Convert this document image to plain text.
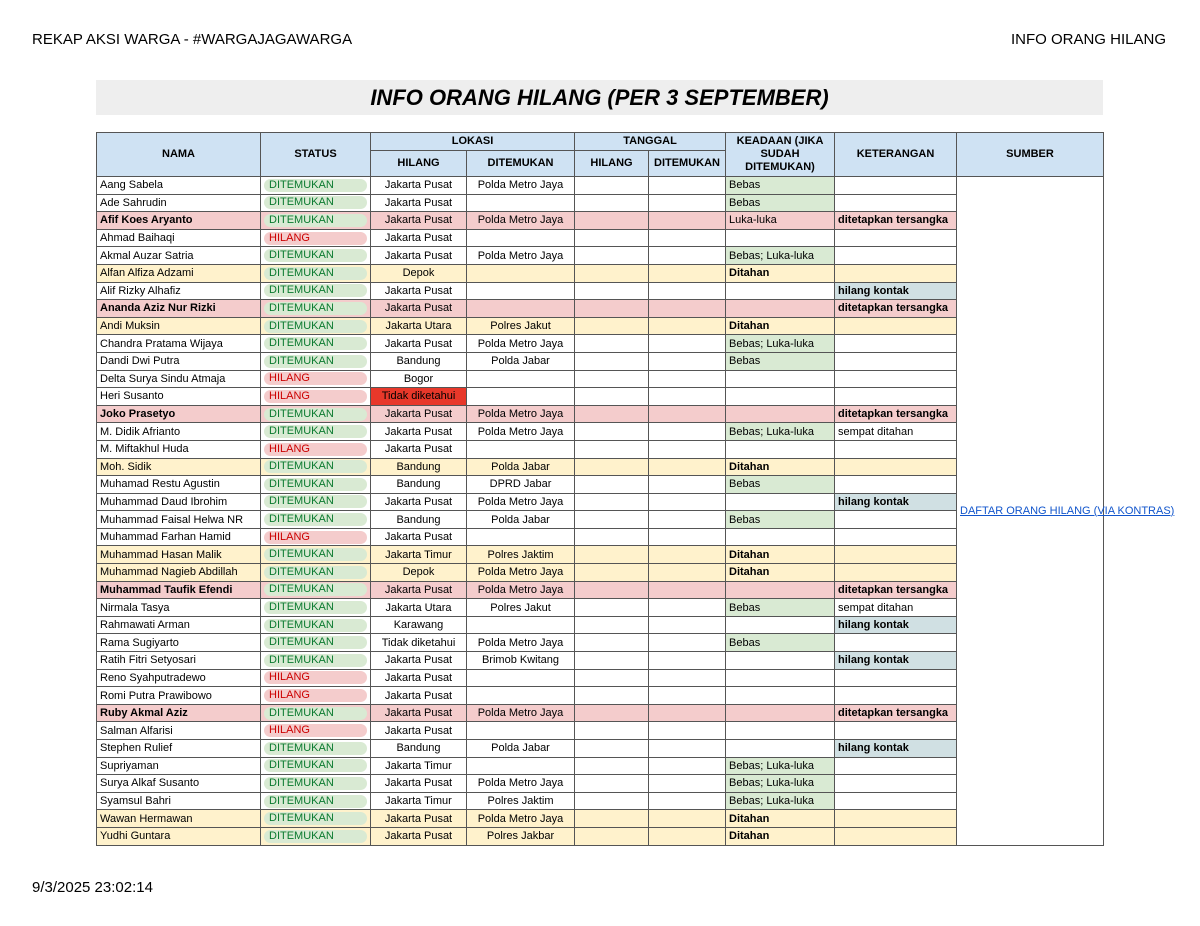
REKAP AKSI WARGA - #WARGAJAGAWARGA	INFO ORANG HILANG
INFO ORANG HILANG (PER 3 SEPTEMBER)
NAMA	STATUS	LOKASI		TANGGAL		KEADAAN (JIKA SUDAH DITEMUKAN)	KETERANGAN	SUMBER
		HILANG	DITEMUKAN	HILANG	DITEMUKAN			
Aang Sabela	DITEMUKAN	Jakarta Pusat	Polda Metro Jaya			Bebas		DAFTAR ORANG HILANG (VIA KONTRAS)
Ade Sahrudin	DITEMUKAN	Jakarta Pusat				Bebas		
Afif Koes Aryanto	DITEMUKAN	Jakarta Pusat	Polda Metro Jaya			Luka-luka	ditetapkan tersangka	
Ahmad Baihaqi	HILANG	Jakarta Pusat						
Akmal Auzar Satria	DITEMUKAN	Jakarta Pusat	Polda Metro Jaya			Bebas; Luka-luka		
Alfan Alfiza Adzami	DITEMUKAN	Depok				Ditahan		
Alif Rizky Alhafiz	DITEMUKAN	Jakarta Pusat					hilang kontak	
Ananda Aziz Nur Rizki	DITEMUKAN	Jakarta Pusat					ditetapkan tersangka	
Andi Muksin	DITEMUKAN	Jakarta Utara	Polres Jakut			Ditahan		
Chandra Pratama Wijaya	DITEMUKAN	Jakarta Pusat	Polda Metro Jaya			Bebas; Luka-luka		
Dandi Dwi Putra	DITEMUKAN	Bandung	Polda Jabar			Bebas		
Delta Surya Sindu Atmaja	HILANG	Bogor						
Heri Susanto	HILANG	Tidak diketahui						
Joko Prasetyo	DITEMUKAN	Jakarta Pusat	Polda Metro Jaya				ditetapkan tersangka	
M. Didik Afrianto	DITEMUKAN	Jakarta Pusat	Polda Metro Jaya			Bebas; Luka-luka	sempat ditahan	
M. Miftakhul Huda	HILANG	Jakarta Pusat						
Moh. Sidik	DITEMUKAN	Bandung	Polda Jabar			Ditahan		
Muhamad Restu Agustin	DITEMUKAN	Bandung	DPRD Jabar			Bebas		
Muhammad Daud Ibrohim	DITEMUKAN	Jakarta Pusat	Polda Metro Jaya				hilang kontak	
Muhammad Faisal Helwa NR	DITEMUKAN	Bandung	Polda Jabar			Bebas		
Muhammad Farhan Hamid	HILANG	Jakarta Pusat						
Muhammad Hasan Malik	DITEMUKAN	Jakarta Timur	Polres Jaktim			Ditahan		
Muhammad Nagieb Abdillah	DITEMUKAN	Depok	Polda Metro Jaya			Ditahan		
Muhammad Taufik Efendi	DITEMUKAN	Jakarta Pusat	Polda Metro Jaya				ditetapkan tersangka	
Nirmala Tasya	DITEMUKAN	Jakarta Utara	Polres Jakut			Bebas	sempat ditahan	
Rahmawati Arman	DITEMUKAN	Karawang					hilang kontak	
Rama Sugiyarto	DITEMUKAN	Tidak diketahui	Polda Metro Jaya			Bebas		
Ratih Fitri Setyosari	DITEMUKAN	Jakarta Pusat	Brimob Kwitang				hilang kontak	
Reno Syahputradewo	HILANG	Jakarta Pusat						
Romi Putra Prawibowo	HILANG	Jakarta Pusat						
Ruby Akmal Aziz	DITEMUKAN	Jakarta Pusat	Polda Metro Jaya				ditetapkan tersangka	
Salman Alfarisi	HILANG	Jakarta Pusat						
Stephen Rulief	DITEMUKAN	Bandung	Polda Jabar				hilang kontak	
Supriyaman	DITEMUKAN	Jakarta Timur				Bebas; Luka-luka		
Surya Alkaf Susanto	DITEMUKAN	Jakarta Pusat	Polda Metro Jaya			Bebas; Luka-luka		
Syamsul Bahri	DITEMUKAN	Jakarta Timur	Polres Jaktim			Bebas; Luka-luka		
Wawan Hermawan	DITEMUKAN	Jakarta Pusat	Polda Metro Jaya			Ditahan		
Yudhi Guntara	DITEMUKAN	Jakarta Pusat	Polres Jakbar			Ditahan		
9/3/2025 23:02:14
